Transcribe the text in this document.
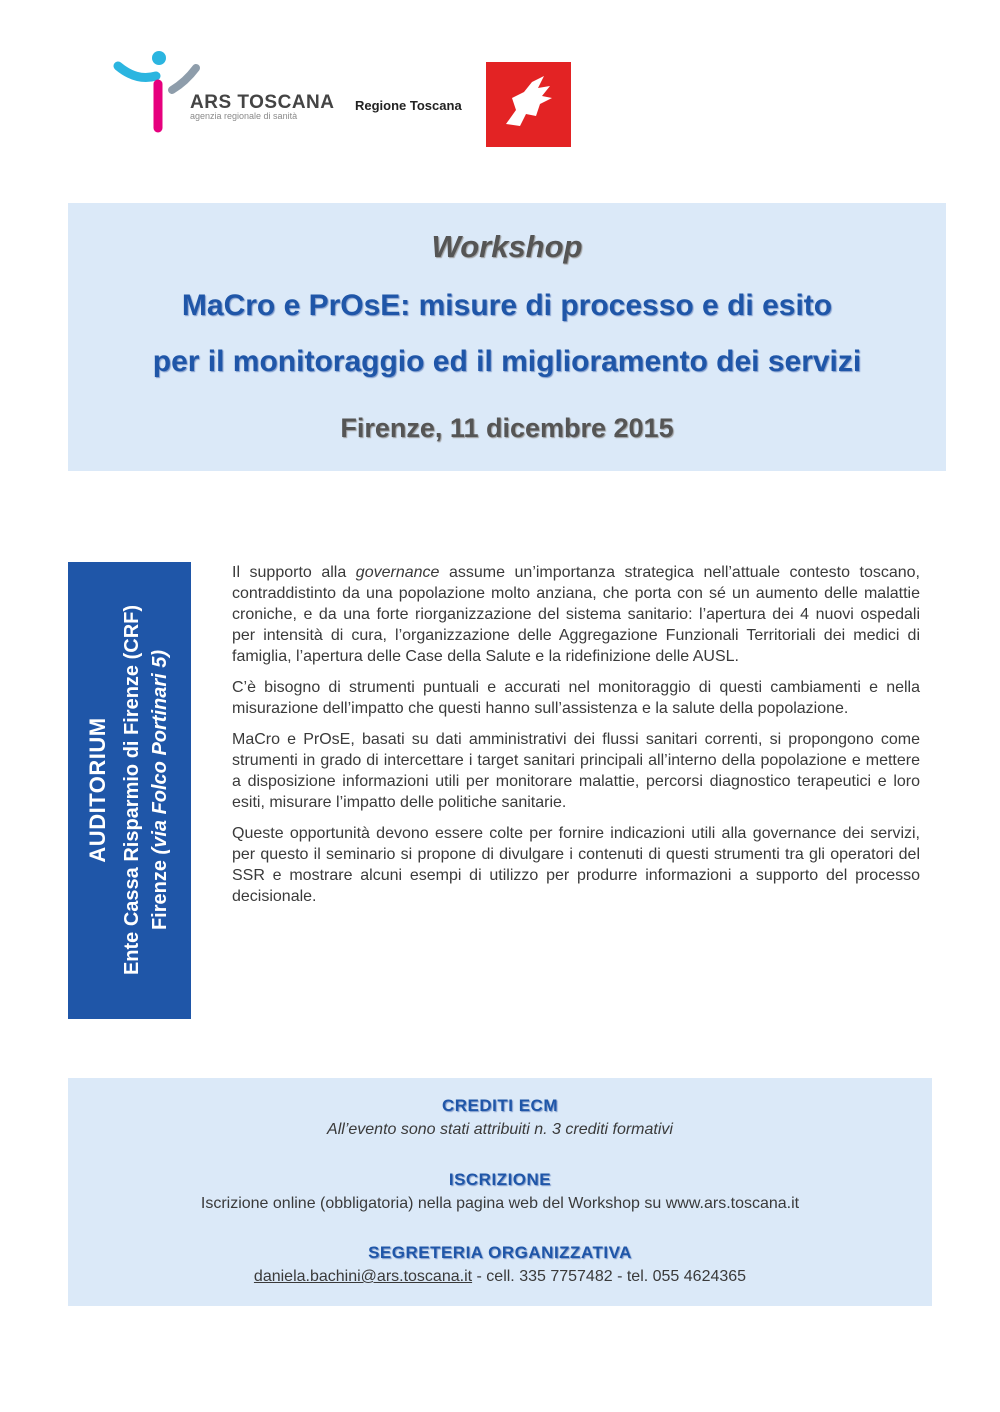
ARS TOSCANA
agenzia regionale di sanità
Regione Toscana
Workshop
MaCro e PrOsE: misure di processo e di esito
per il monitoraggio ed il miglioramento dei servizi
Firenze, 11 dicembre 2015
AUDITORIUM Ente Cassa Risparmio di Firenze (CRF) Firenze (via Folco Portinari 5)

Il supporto alla governance assume un’importanza strategica nell’attuale contesto toscano, contraddistinto da una popolazione molto anziana, che porta con sé un aumento delle malattie croniche, e da una forte riorganizzazione del sistema sanitario: l’apertura dei 4 nuovi ospedali per intensità di cura, l’organizzazione delle Aggregazione Funzionali Territoriali dei medici di famiglia, l’apertura delle Case della Salute e la ridefinizione delle AUSL.

C’è bisogno di strumenti puntuali e accurati nel monitoraggio di questi cambiamenti e nella misurazione dell’impatto che questi hanno sull’assistenza e la salute della popolazione.

MaCro e PrOsE, basati su dati amministrativi dei flussi sanitari correnti, si propongono come strumenti in grado di intercettare i target sanitari principali all’interno della popolazione e mettere a disposizione informazioni utili per monitorare malattie, percorsi diagnostico terapeutici e loro esiti, misurare l’impatto delle politiche sanitarie.

Queste opportunità devono essere colte per fornire indicazioni utili alla governance dei servizi, per questo il seminario si propone di divulgare i contenuti di questi strumenti tra gli operatori del SSR e mostrare alcuni esempi di utilizzo per produrre informazioni a supporto del processo decisionale.

CREDITI ECM
All’evento sono stati attribuiti n. 3 crediti formativi
ISCRIZIONE
Iscrizione online (obbligatoria) nella pagina web del Workshop su www.ars.toscana.it
SEGRETERIA ORGANIZZATIVA
daniela.bachini@ars.toscana.it - cell. 335 7757482 - tel. 055 4624365
